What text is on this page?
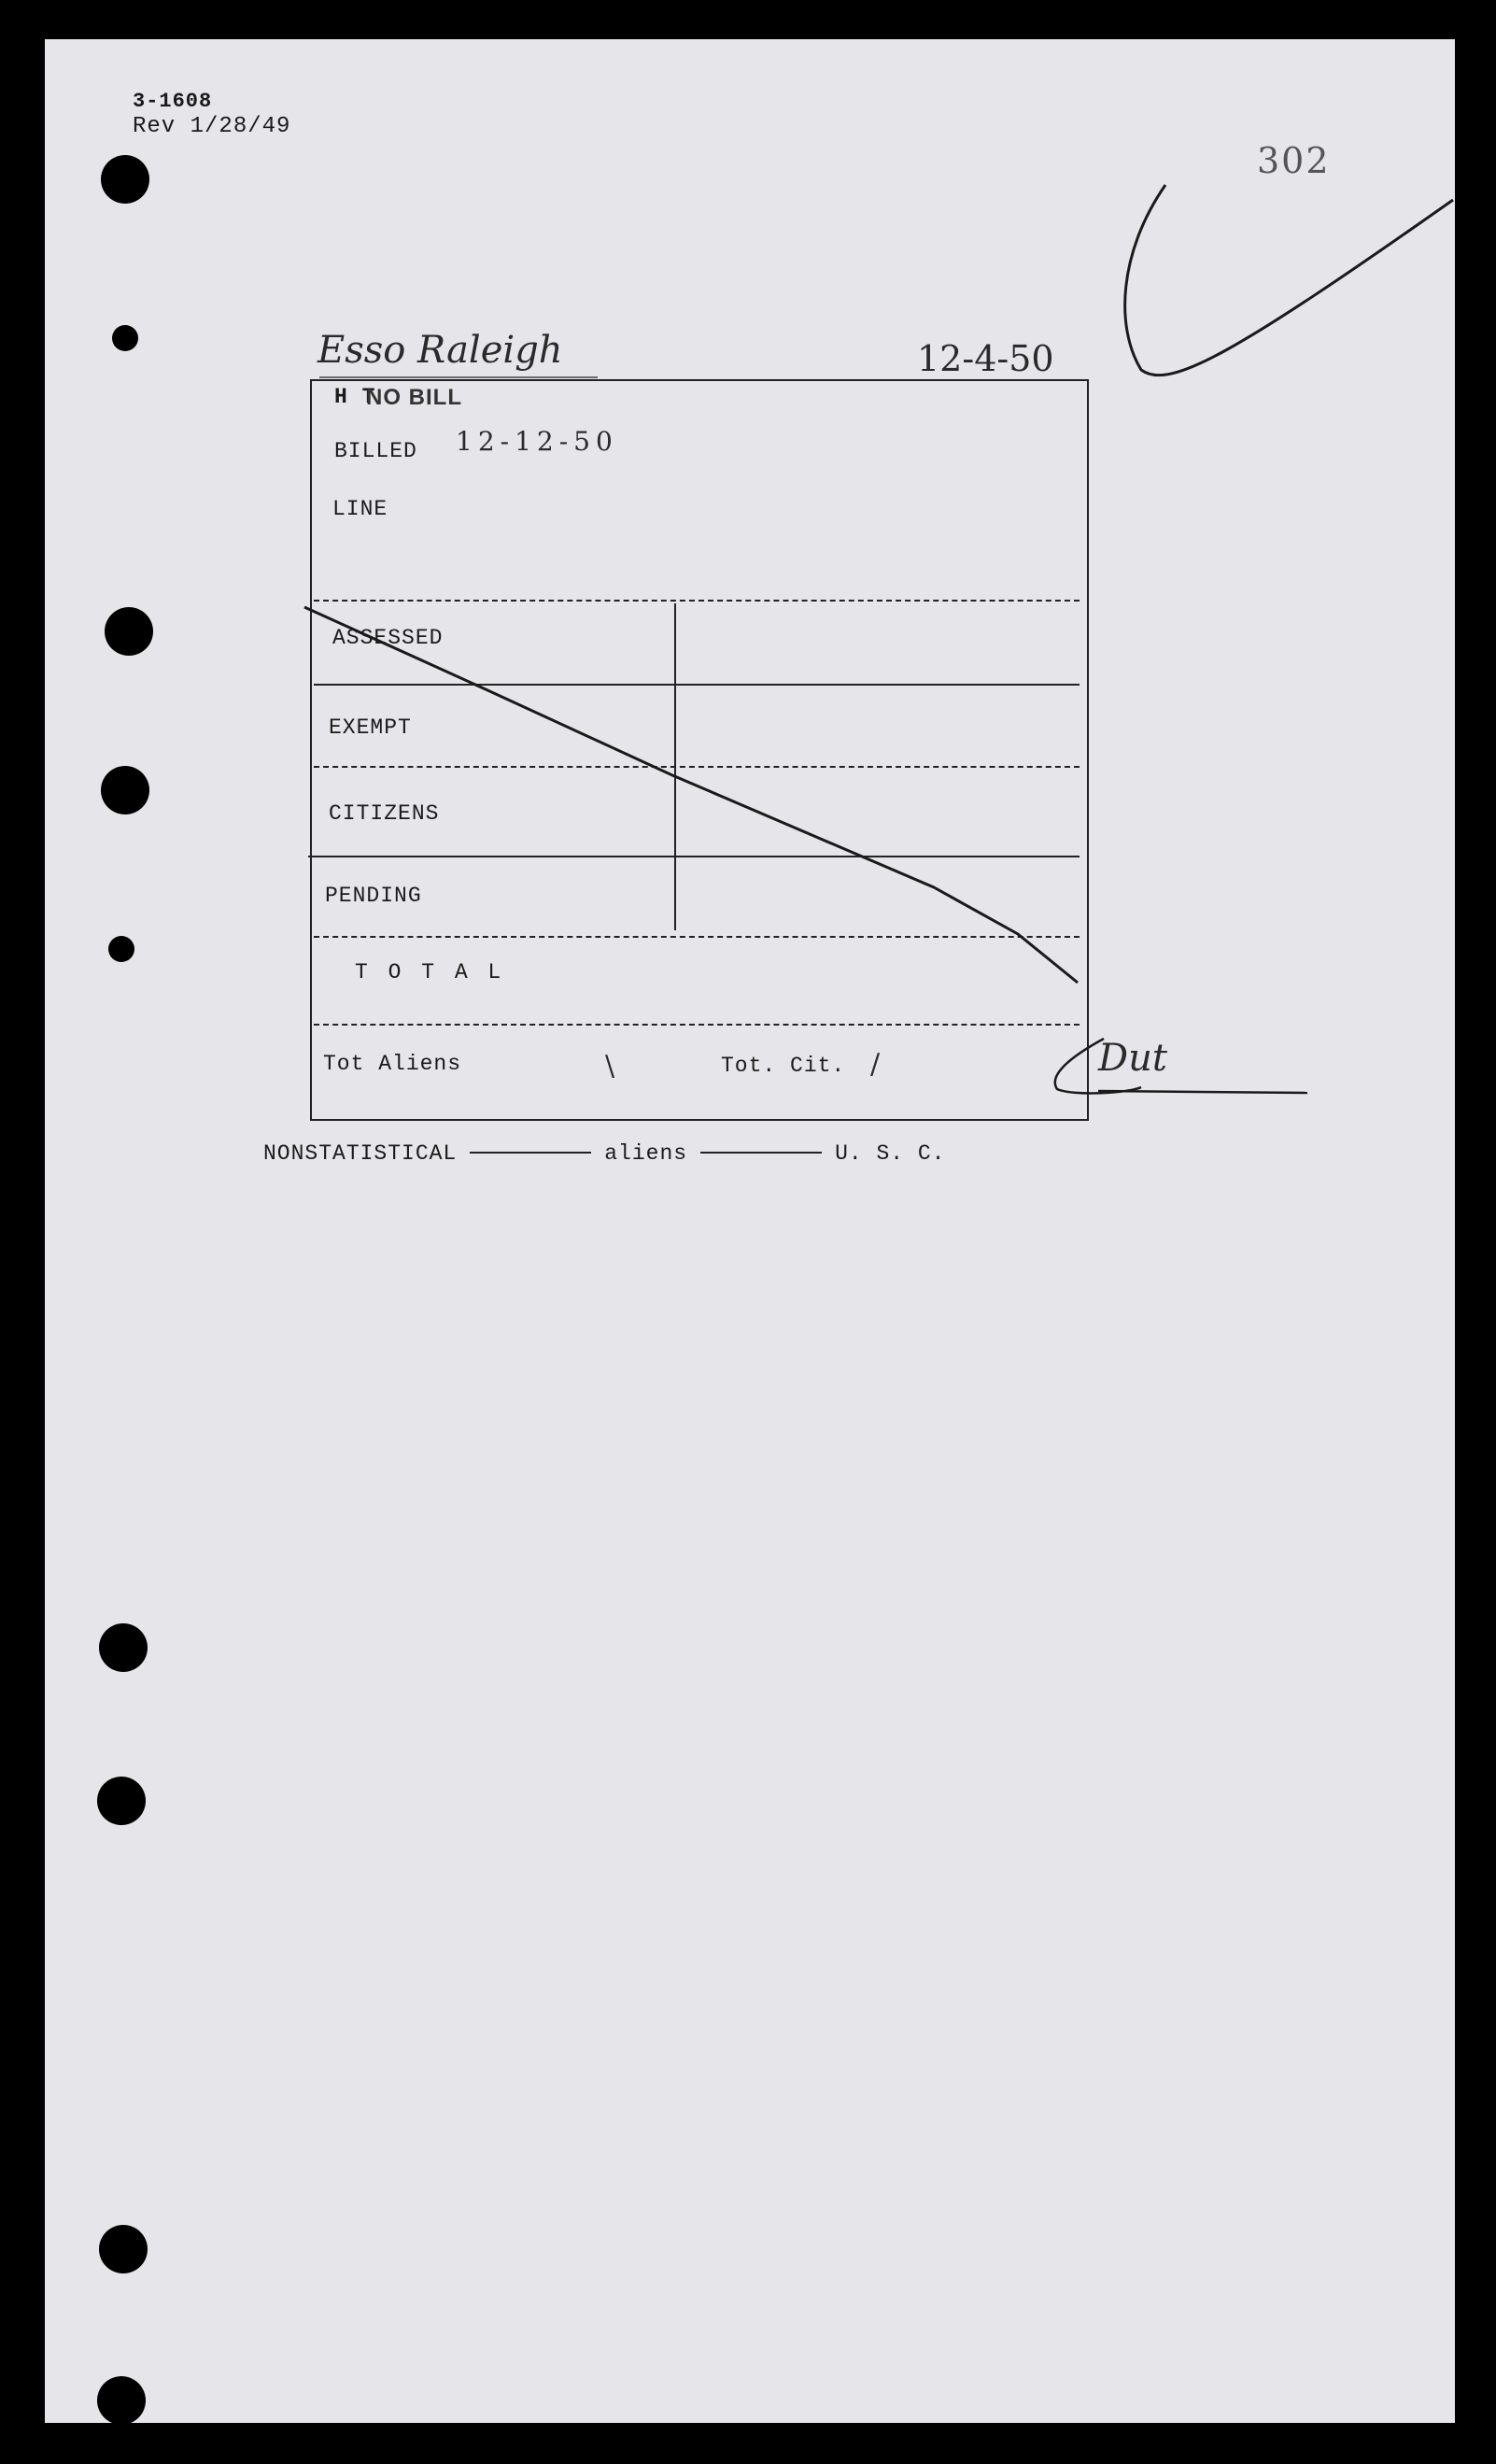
3-1608
Rev 1/28/49
302
Esso Raleigh	12-4-50
H T
NO BILL
BILLED 12-12-50
LINE
ASSESSED
EXEMPT
CITIZENS
PENDING
T O T A L
Tot Aliens	\	Tot. Cit. \	Dut
NONSTATISTICAL	aliens	U. S. C.
